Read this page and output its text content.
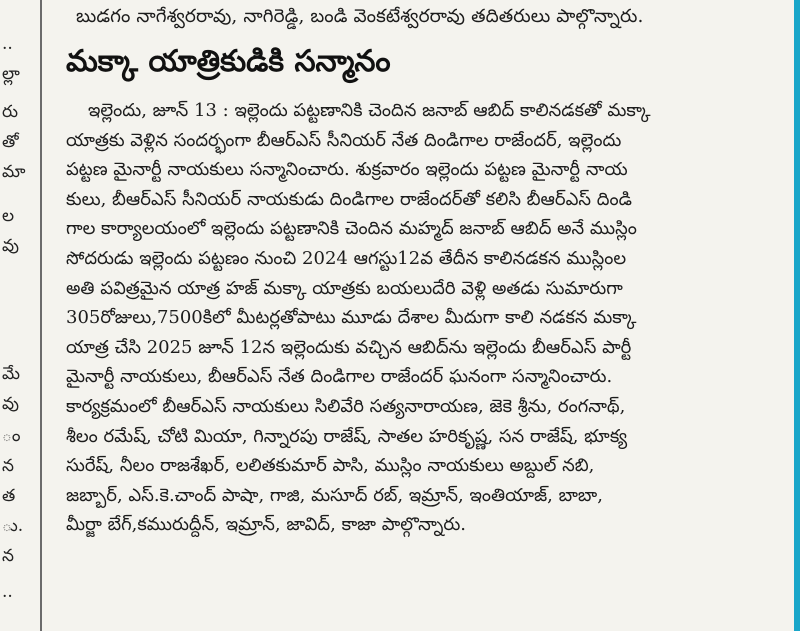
..
ల్లా
రు
తో
మా
ల
వు
మే
వు
ం
న
త
ు.
న
..
బుడగం నాగేశ్వరరావు, నాగిరెడ్డి, బండి వెంకటేశ్వరరావు తదితరులు పాల్గొన్నారు.
మక్కా యాత్రికుడికి సన్మానం
ఇల్లెందు, జూన్ 13 : ఇల్లెందు పట్టణానికి చెందిన జనాబ్ ఆబిద్ కాలినడకతో మక్కా
యాత్రకు వెళ్లిన సందర్భంగా బీఆర్ఎస్ సీనియర్ నేత దిండిగాల రాజేందర్, ఇల్లెందు
పట్టణ మైనార్టీ నాయకులు సన్మానించారు. శుక్రవారం ఇల్లెందు పట్టణ మైనార్టీ నాయ
కులు, బీఆర్ఎస్ సీనియర్ నాయకుడు దిండిగాల రాజేందర్‌తో కలిసి బీఆర్ఎస్ దిండి
గాల కార్యాలయంలో ఇల్లెందు పట్టణానికి చెందిన మహ్మద్ జనాబ్ ఆబిద్ అనే ముస్లిం
సోదరుడు ఇల్లెందు పట్టణం నుంచి 2024 ఆగస్టు12వ తేదీన కాలినడకన ముస్లింల
అతి పవిత్రమైన యాత్ర హజ్ మక్కా యాత్రకు బయలుదేరి వెళ్లి అతడు సుమారుగా
305రోజులు,7500కిలో మీటర్లతోపాటు మూడు దేశాల మీదుగా కాలి నడకన మక్కా
యాత్ర చేసి 2025 జూన్ 12న ఇల్లెందుకు వచ్చిన ఆబిద్‌ను ఇల్లెందు బీఆర్ఎస్ పార్టీ
మైనార్టీ నాయకులు, బీఆర్ఎస్ నేత దిండిగాల రాజేందర్ ఘనంగా సన్మానించారు.
కార్యక్రమంలో బీఆర్ఎస్ నాయకులు సిలివేరి సత్యనారాయణ, జెకె శ్రీను, రంగనాథ్,
శీలం రమేష్, చోటి మియా, గిన్నారపు రాజేష్, సాతల హరికృష్ణ, సన రాజేష్, భూక్య
సురేష్, నీలం రాజశేఖర్, లలితకుమార్ పాసి, ముస్లిం నాయకులు అబ్దుల్ నబి,
జబ్బార్, ఎస్.కె.చాంద్ పాషా, గాజి, మసూద్ రబ్, ఇమ్రాన్, ఇంతియాజ్, బాబా,
మీర్జా బేగ్,కమురుద్దీన్, ఇమ్రాన్, జావిద్, కాజా పాల్గొన్నారు.
